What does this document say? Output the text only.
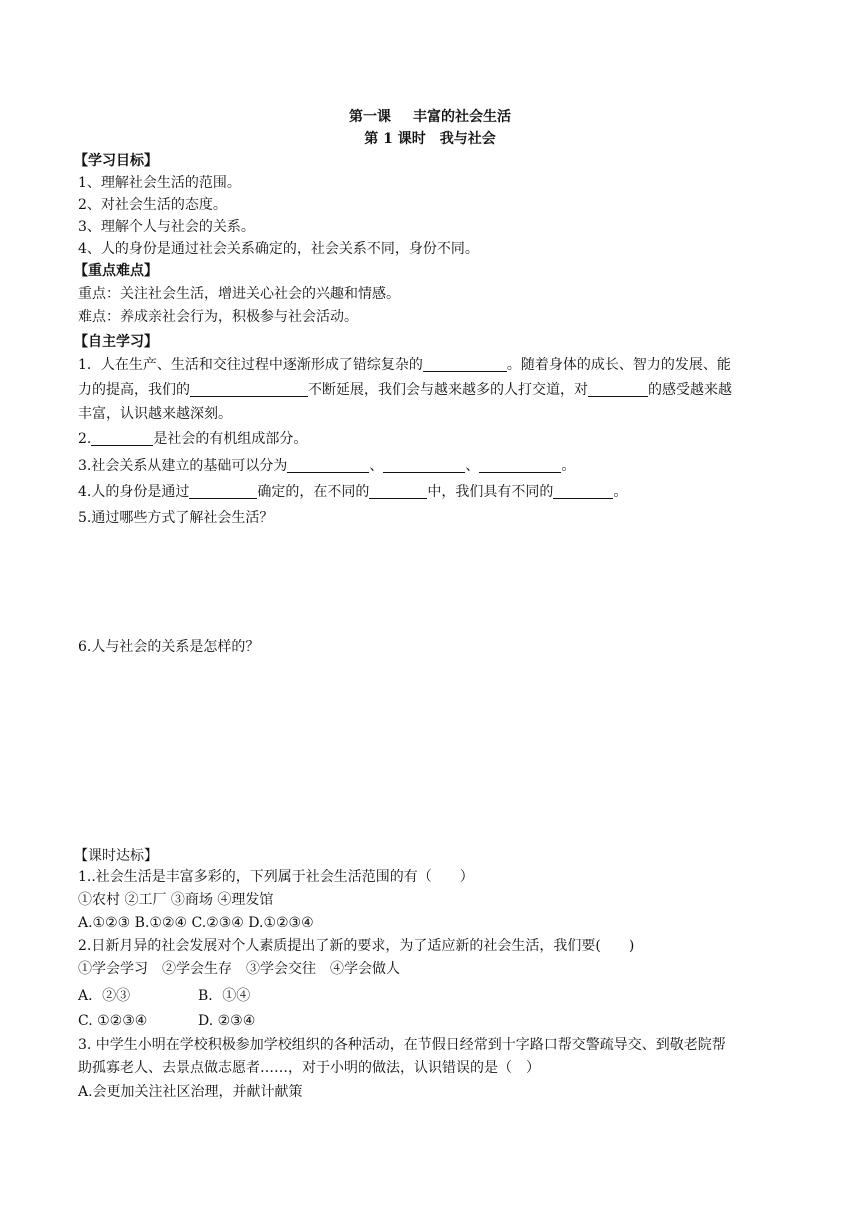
第一课 丰富的社会生活
第 1 课时 我与社会
【学习目标】
1、理解社会生活的范围。
2、对社会生活的态度。
3、理解个人与社会的关系。
4、人的身份是通过社会关系确定的，社会关系不同，身份不同。
【重点难点】
重点：关注社会生活，增进关心社会的兴趣和情感。
难点：养成亲社会行为，积极参与社会活动。
【自主学习】
1．人在生产、生活和交往过程中逐渐形成了错综复杂的	。随着身体的成长、智力的发展、能
力的提高，我们的	不断延展，我们会与越来越多的人打交道，对	的感受越来越
丰富，认识越来越深刻。
2.	是社会的有机组成部分。
3.社会关系从建立的基础可以分为	、	、	。
4.人的身份是通过	确定的，在不同的	中，我们具有不同的	。
5.通过哪些方式了解社会生活？
6.人与社会的关系是怎样的？
【课时达标】
1..社会生活是丰富多彩的，下列属于社会生活范围的有（　　）
①农村 ②工厂 ③商场 ④理发馆
A.①②③ B.①②④ C.②③④ D.①②③④
2.日新月异的社会发展对个人素质提出了新的要求，为了适应新的社会生活，我们要(　　)
①学会学习　②学会生存　③学会交往　④学会做人
A．②③	B．①④
C. ①②③④	D. ②③④
3. 中学生小明在学校积极参加学校组织的各种活动，在节假日经常到十字路口帮交警疏导交、到敬老院帮
助孤寡老人、去景点做志愿者……，对于小明的做法，认识错误的是（　）
A.会更加关注社区治理，并献计献策
